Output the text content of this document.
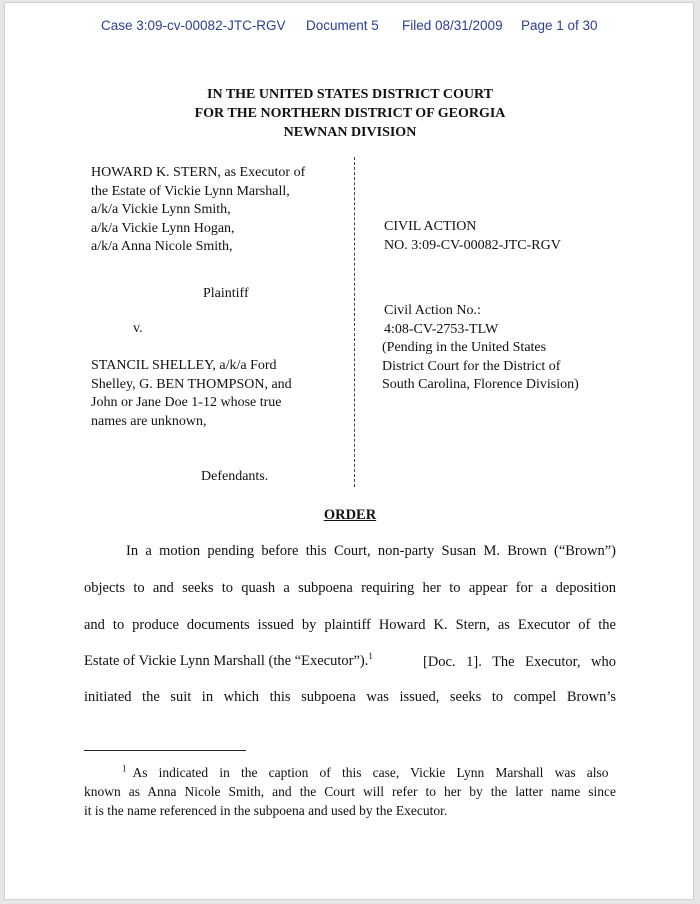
Case 3:09-cv-00082-JTC-RGV Document 5 Filed 08/31/2009 Page 1 of 30
IN THE UNITED STATES DISTRICT COURT
FOR THE NORTHERN DISTRICT OF GEORGIA
NEWNAN DIVISION
HOWARD K. STERN, as Executor of
the Estate of Vickie Lynn Marshall,
a/k/a Vickie Lynn Smith,
a/k/a Vickie Lynn Hogan,
a/k/a Anna Nicole Smith,
Plaintiff
v.
STANCIL SHELLEY, a/k/a Ford
Shelley, G. BEN THOMPSON, and
John or Jane Doe 1-12 whose true
names are unknown,
Defendants.
CIVIL ACTION
NO. 3:09-CV-00082-JTC-RGV
Civil Action No.:
4:08-CV-2753-TLW
(Pending in the United States
District Court for the District of
South Carolina, Florence Division)
ORDER
In a motion pending before this Court, non-party Susan M. Brown (“Brown”)
objects to and seeks to quash a subpoena requiring her to appear for a deposition
and to produce documents issued by plaintiff Howard K. Stern, as Executor of the
Estate of Vickie Lynn Marshall (the “Executor”).$^1$	[Doc. 1]. The Executor, who
initiated the suit in which this subpoena was issued, seeks to compel Brown’s
$^1$ As indicated in the caption of this case, Vickie Lynn Marshall was also
known as Anna Nicole Smith, and the Court will refer to her by the latter name since
it is the name referenced in the subpoena and used by the Executor.
